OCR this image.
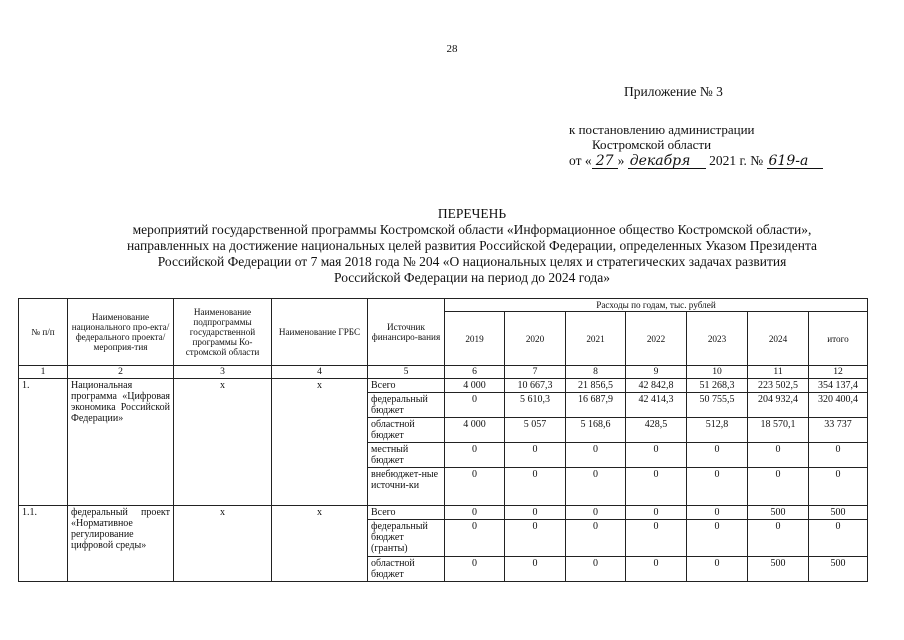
28
Приложение № 3
к постановлению администрации
Костромской области
от « 27 » декабря 2021 г. № 619-а
ПЕРЕЧЕНЬ
мероприятий государственной программы Костромской области «Информационное общество Костромской области»,
направленных на достижение национальных целей развития Российской Федерации, определенных Указом Президента
Российской Федерации от 7 мая 2018 года № 204 «О национальных целях и стратегических задачах развития
Российской Федерации на период до 2024 года»
№ п/п	Наименование национального про-екта/федерального проекта/ мероприя-тия	Наименование подпрограммы государственной программы Ко-стромской области	Наименование ГРБС	Источник финансиро-вания	Расходы по годам, тыс. рублей						
					2019	2020	2021	2022	2023	2024	итого
1	2	3	4	5	6	7	8	9	10	11	12
1.	Национальная программа «Цифровая экономика Российской Федерации»	х	х	Всего	4 000	10 667,3	21 856,5	42 842,8	51 268,3	223 502,5	354 137,4
				федеральный бюджет	0	5 610,3	16 687,9	42 414,3	50 755,5	204 932,4	320 400,4
				областной бюджет	4 000	5 057	5 168,6	428,5	512,8	18 570,1	33 737
				местный бюджет	0	0	0	0	0	0	0
				внебюджет-ные источни-ки	0	0	0	0	0	0	0
1.1.	федеральный проект «Нормативное регулирование цифровой среды»	х	х	Всего	0	0	0	0	0	500	500
				федеральный бюджет (гранты)	0	0	0	0	0	0	0
				областной бюджет	0	0	0	0	0	500	500
